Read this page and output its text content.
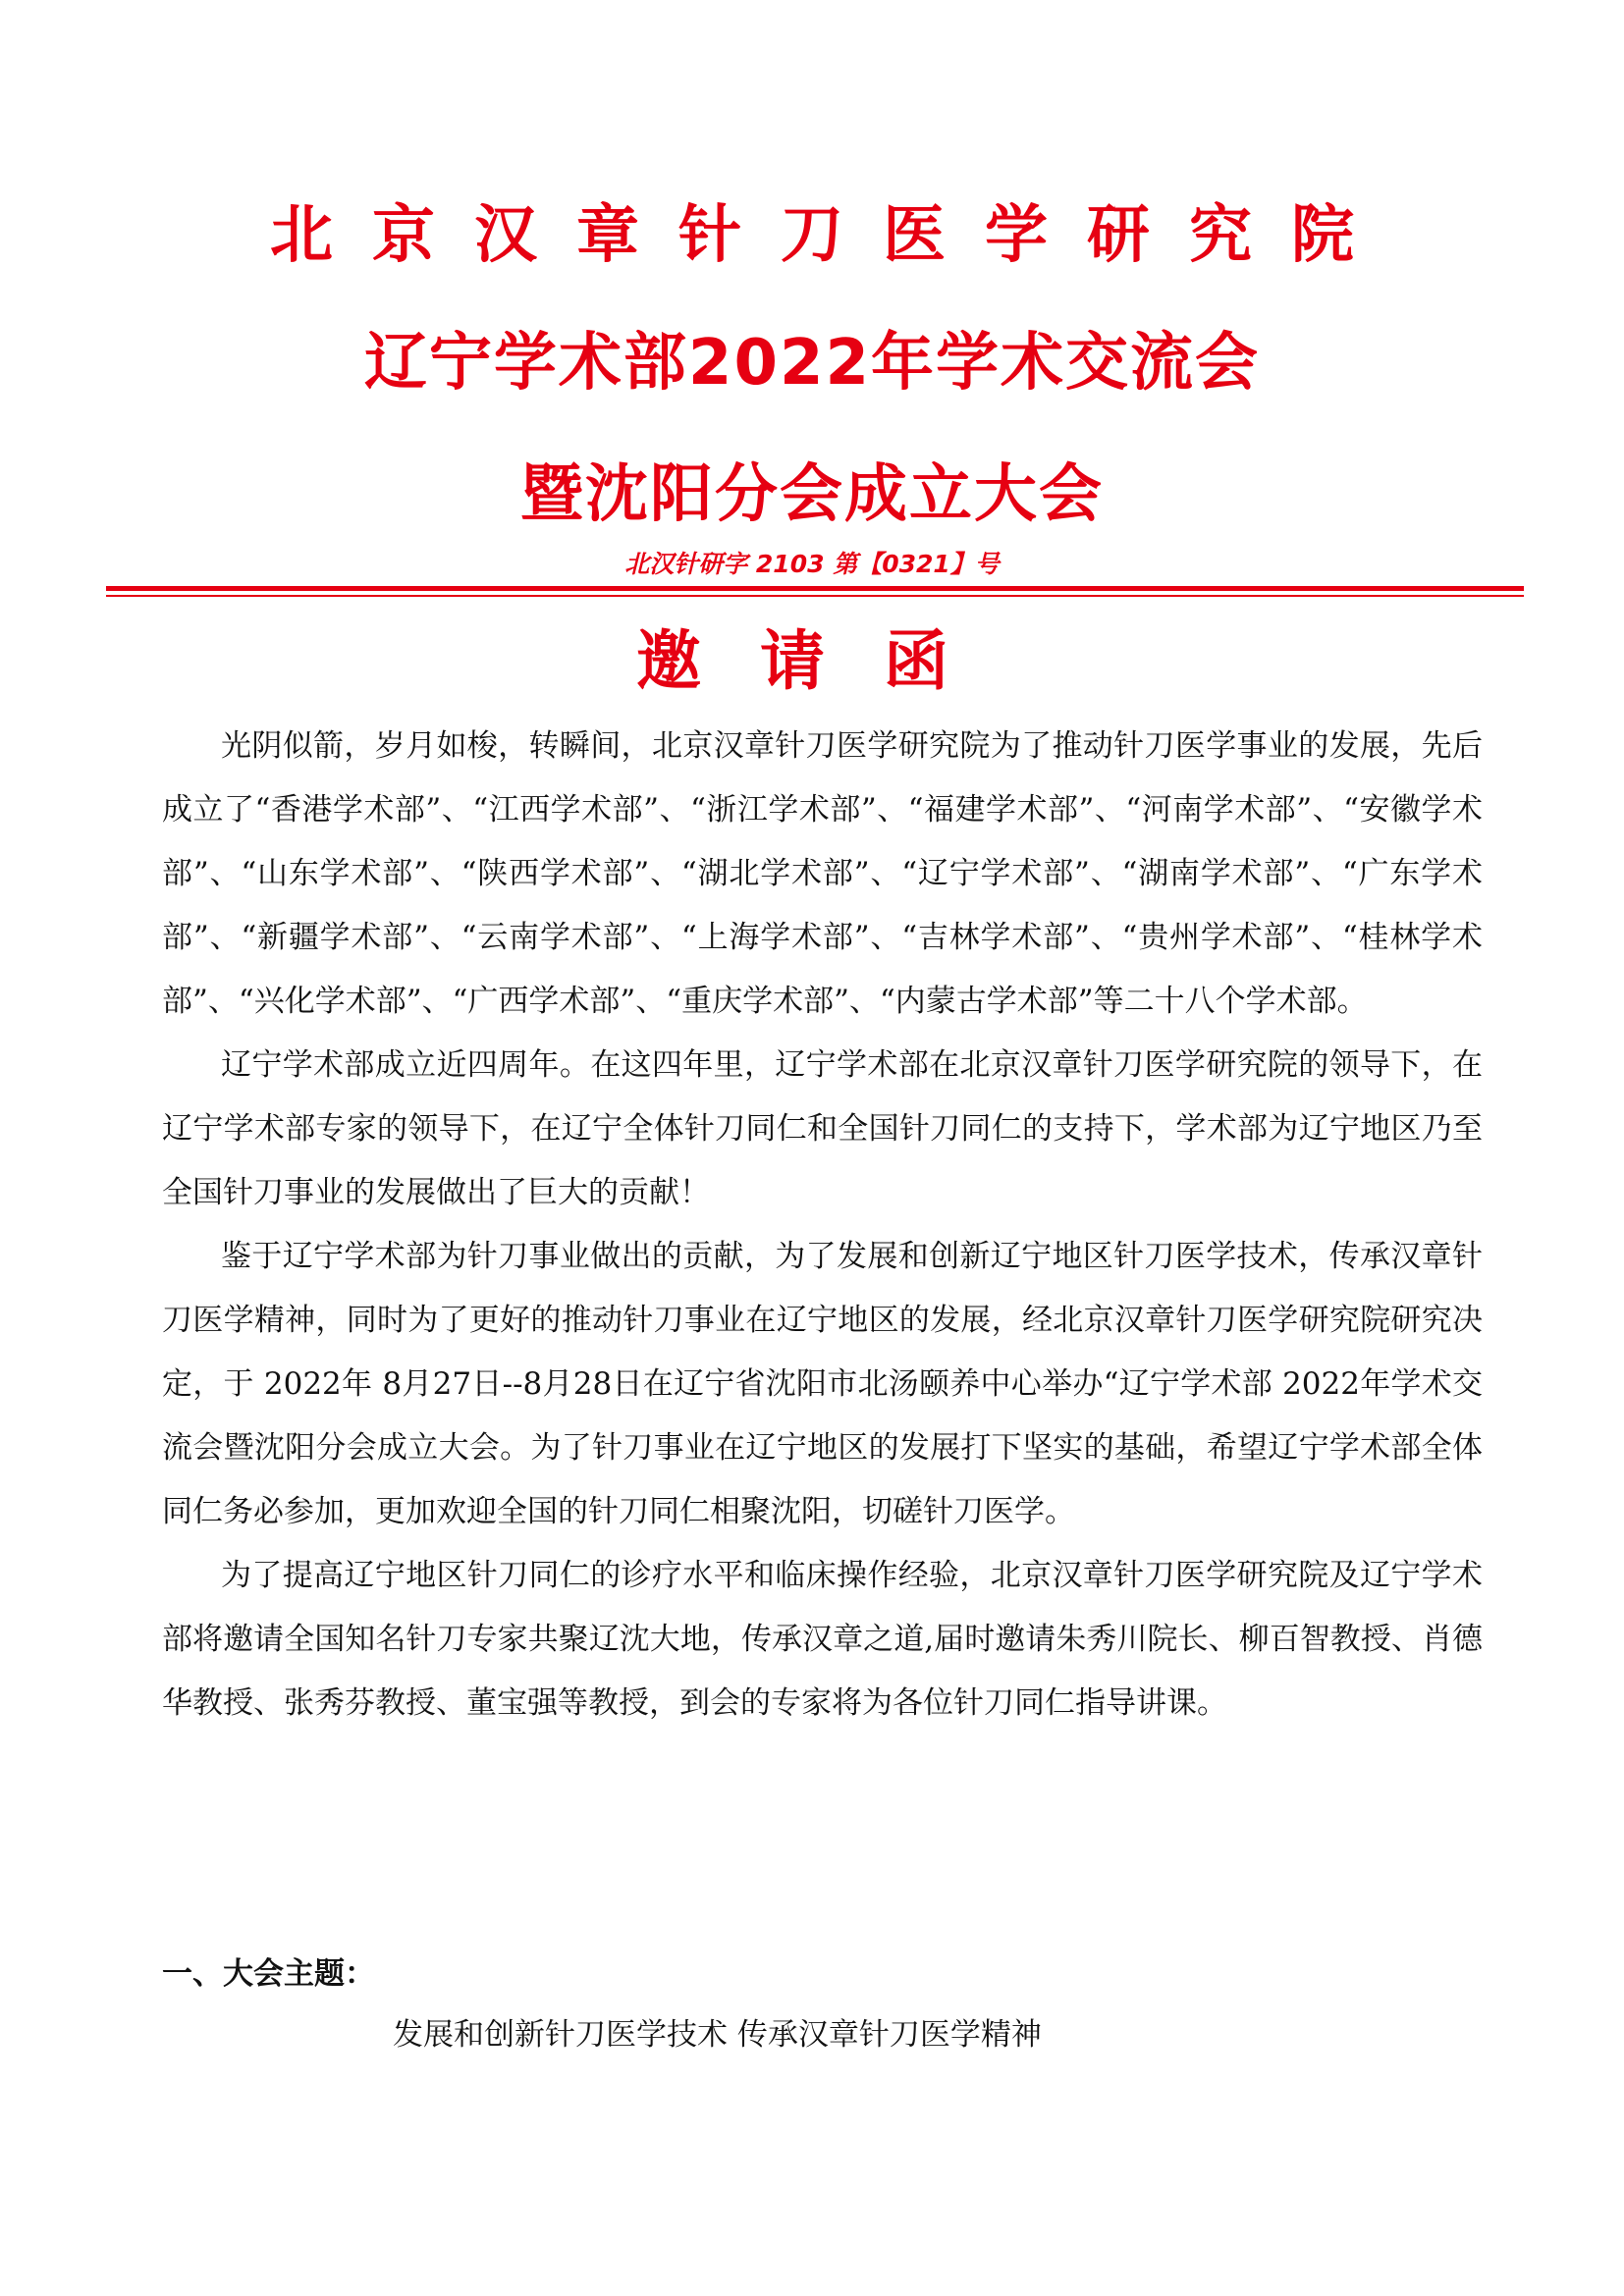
北京汉章针刀医学研究院
辽宁学术部2022年学术交流会
暨沈阳分会成立大会
北汉针研字 2103 第【0321】号
邀请函

光阴似箭，岁月如梭，转瞬间，北京汉章针刀医学研究院为了推动针刀医学事业的发展，先后成立了“香港学术部”、“江西学术部”、“浙江学术部”、“福建学术部”、“河南学术部”、“安徽学术部”、“山东学术部”、“陕西学术部”、“湖北学术部”、“辽宁学术部”、“湖南学术部”、“广东学术部”、“新疆学术部”、“云南学术部”、“上海学术部”、“吉林学术部”、“贵州学术部”、“桂林学术部”、“兴化学术部”、“广西学术部”、“重庆学术部”、“内蒙古学术部”等二十八个学术部。

辽宁学术部成立近四周年。在这四年里，辽宁学术部在北京汉章针刀医学研究院的领导下，在辽宁学术部专家的领导下，在辽宁全体针刀同仁和全国针刀同仁的支持下，学术部为辽宁地区乃至全国针刀事业的发展做出了巨大的贡献！

鉴于辽宁学术部为针刀事业做出的贡献，为了发展和创新辽宁地区针刀医学技术，传承汉章针刀医学精神，同时为了更好的推动针刀事业在辽宁地区的发展，经北京汉章针刀医学研究院研究决定，于 2022年 8月27日--8月28日在辽宁省沈阳市北汤颐养中心举办“辽宁学术部 2022年学术交流会暨沈阳分会成立大会。为了针刀事业在辽宁地区的发展打下坚实的基础，希望辽宁学术部全体同仁务必参加，更加欢迎全国的针刀同仁相聚沈阳，切磋针刀医学。

为了提高辽宁地区针刀同仁的诊疗水平和临床操作经验，北京汉章针刀医学研究院及辽宁学术部将邀请全国知名针刀专家共聚辽沈大地，传承汉章之道,届时邀请朱秀川院长、柳百智教授、肖德华教授、张秀芬教授、董宝强等教授，到会的专家将为各位针刀同仁指导讲课。

一、大会主题：
发展和创新针刀医学技术 传承汉章针刀医学精神
